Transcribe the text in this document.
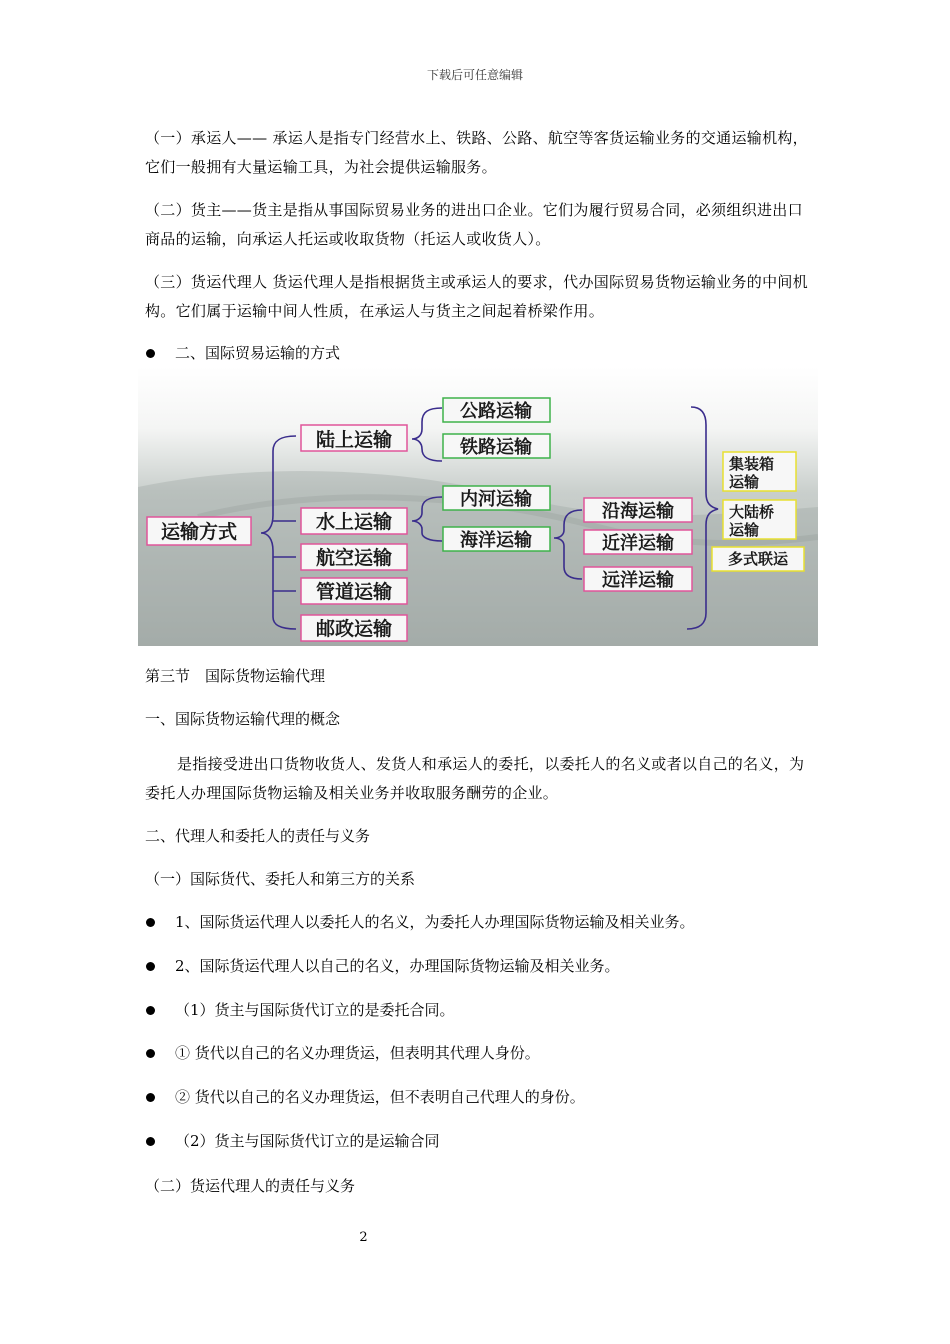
下载后可任意编辑
（一）承运人—— 承运人是指专门经营水上、铁路、公路、航空等客货运输业务的交通运输机构，它们一般拥有大量运输工具，为社会提供运输服务。
（二）货主——货主是指从事国际贸易业务的进出口企业。它们为履行贸易合同，必须组织进出口商品的运输，向承运人托运或收取货物（托运人或收货人）。
（三）货运代理人 货运代理人是指根据货主或承运人的要求，代办国际贸易货物运输业务的中间机构。它们属于运输中间人性质，在承运人与货主之间起着桥梁作用。
二、国际贸易运输的方式
运输方式
陆上运输
公路运输
铁路运输
水上运输
内河运输
海洋运输
沿海运输
近洋运输
远洋运输
航空运输
管道运输
邮政运输
集装箱
运输
大陆桥
运输
多式联运
第三节　国际货物运输代理
一、国际货物运输代理的概念
是指接受进出口货物收货人、发货人和承运人的委托，以委托人的名义或者以自己的名义，为委托人办理国际货物运输及相关业务并收取服务酬劳的企业。
二、代理人和委托人的责任与义务
（一）国际货代、委托人和第三方的关系
1、国际货运代理人以委托人的名义，为委托人办理国际货物运输及相关业务。
2、国际货运代理人以自己的名义，办理国际货物运输及相关业务。
（1）货主与国际货代订立的是委托合同。
① 货代以自己的名义办理货运，但表明其代理人身份。
② 货代以自己的名义办理货运，但不表明自己代理人的身份。
（2）货主与国际货代订立的是运输合同
（二）货运代理人的责任与义务
2
